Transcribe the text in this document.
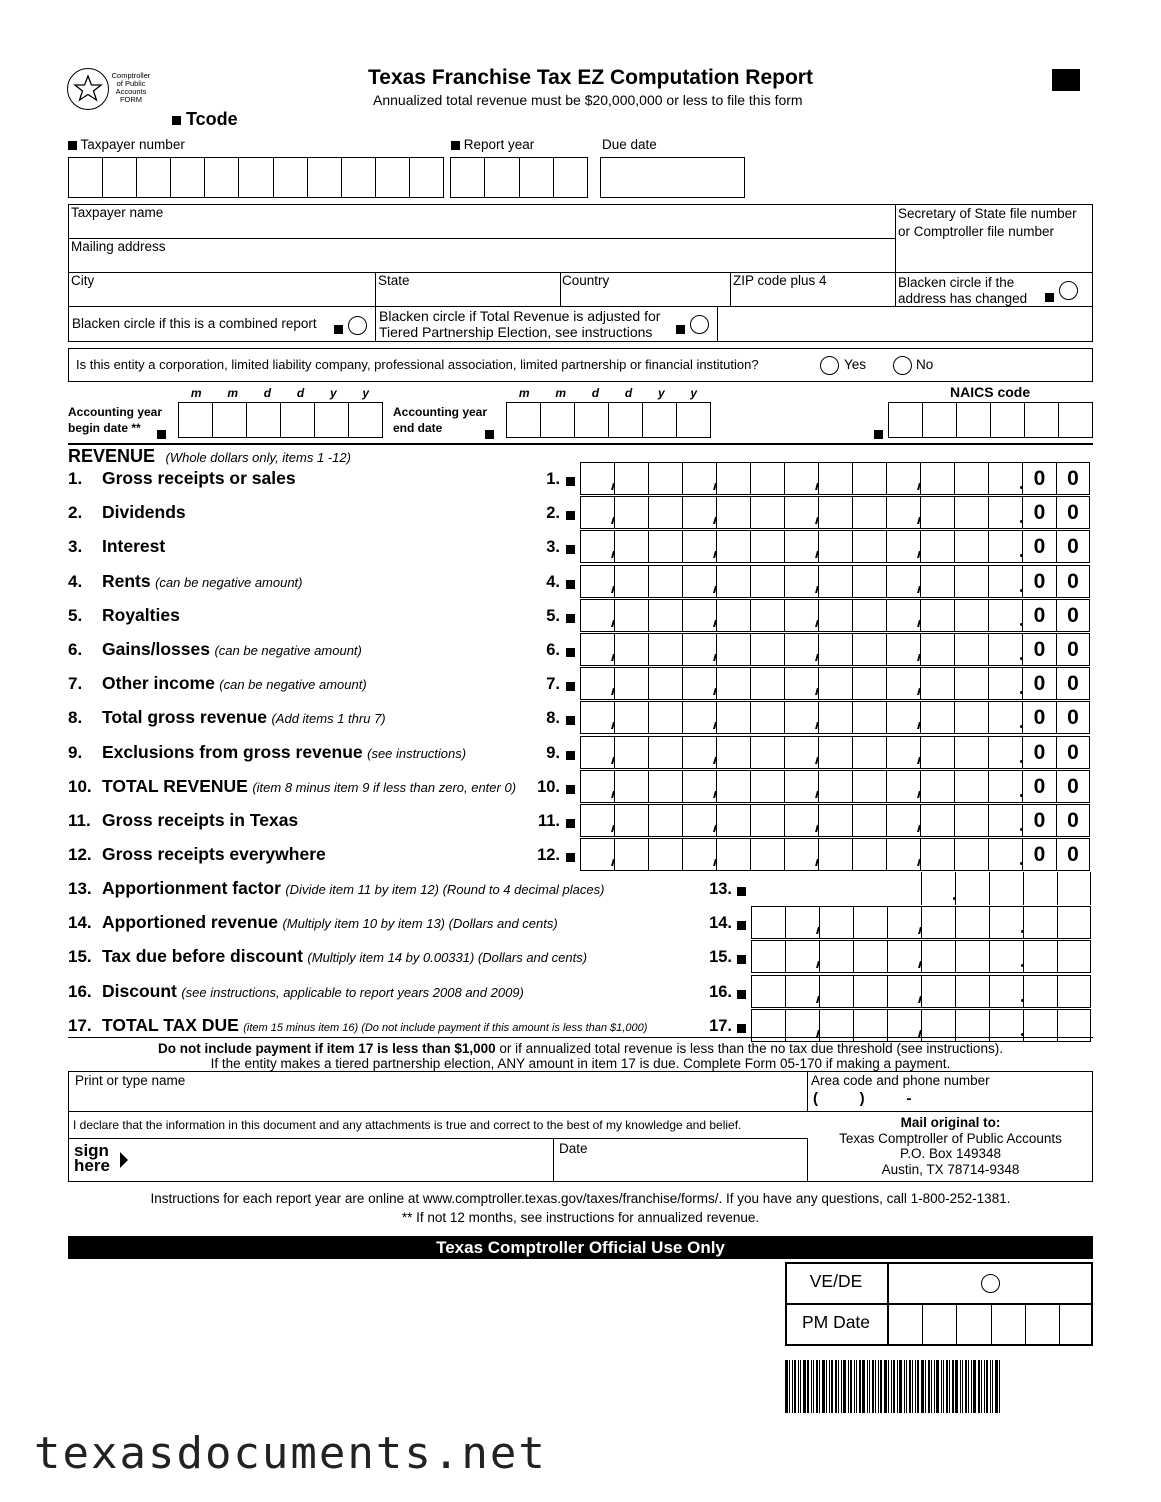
Comptroller of Public Accounts FORM
Texas Franchise Tax EZ Computation Report
Annualized total revenue must be $20,000,000 or less to file this form
Tcode
Taxpayer number	Report year	Due date
Taxpayer name	Secretary of State file number or Comptroller file number
Mailing address
City	State	Country	ZIP code plus 4	Blacken circle if the address has changed
Blacken circle if this is a combined report	Blacken circle if Total Revenue is adjusted for Tiered Partnership Election, see instructions
Is this entity a corporation, limited liability company, professional association, limited partnership or financial institution?	Yes	No
m m d d y y	m m d d y y	NAICS code
Accounting year begin date **
Accounting year end date
REVENUE (Whole dollars only, items 1 -12)
1. Gross receipts or sales	1.	0	0
2. Dividends	2.	0	0
3. Interest	3.	0	0
4. Rents (can be negative amount)	4.	0	0
5. Royalties	5.	0	0
6. Gains/losses (can be negative amount)	6.	0	0
7. Other income (can be negative amount)	7.	0	0
8. Total gross revenue (Add items 1 thru 7)	8.	0	0
9. Exclusions from gross revenue (see instructions)	9.	0	0
10. TOTAL REVENUE (item 8 minus item 9 if less than zero, enter 0)	10.	0	0
11. Gross receipts in Texas	11.	0	0
12. Gross receipts everywhere	12.	0	0
13. Apportionment factor (Divide item 11 by item 12) (Round to 4 decimal places)	13.
14. Apportioned revenue (Multiply item 10 by item 13) (Dollars and cents)	14.
15. Tax due before discount (Multiply item 14 by 0.00331) (Dollars and cents)	15.
16. Discount (see instructions, applicable to report years 2008 and 2009)	16.
17. TOTAL TAX DUE (item 15 minus item 16) (Do not include payment if this amount is less than $1,000)	17.
Do not include payment if item 17 is less than $1,000 or if annualized total revenue is less than the no tax due threshold (see instructions).
If the entity makes a tiered partnership election, ANY amount in item 17 is due. Complete Form 05-170 if making a payment.
Print or type name	Area code and phone number
(          )          -
I declare that the information in this document and any attachments is true and correct to the best of my knowledge and belief.
sign
here
Date
Mail original to:
Texas Comptroller of Public Accounts
P.O. Box 149348
Austin, TX 78714-9348
Instructions for each report year are online at www.comptroller.texas.gov/taxes/franchise/forms/. If you have any questions, call 1-800-252-1381.
** If not 12 months, see instructions for annualized revenue.
Texas Comptroller Official Use Only
VE/DE
PM Date
texasdocuments.net
